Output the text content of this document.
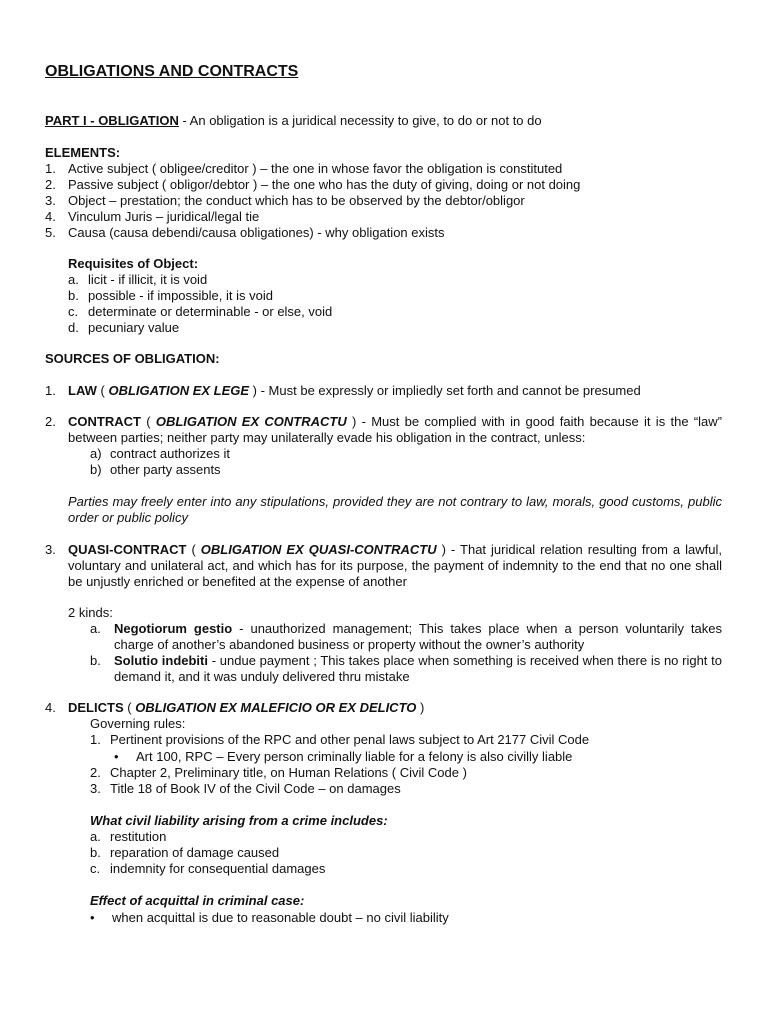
OBLIGATIONS AND CONTRACTS
PART I - OBLIGATION - An obligation is a juridical necessity to give, to do or not to do
ELEMENTS:
1. Active subject ( obligee/creditor ) – the one in whose favor the obligation is constituted
2. Passive subject ( obligor/debtor ) – the one who has the duty of giving, doing or not doing
3. Object – prestation; the conduct which has to be observed by the debtor/obligor
4. Vinculum Juris – juridical/legal tie
5. Causa (causa debendi/causa obligationes) - why obligation exists
Requisites of Object:
a. licit - if illicit, it is void
b. possible - if impossible, it is void
c. determinate or determinable - or else, void
d. pecuniary value
SOURCES OF OBLIGATION:
1. LAW ( OBLIGATION EX LEGE ) - Must be expressly or impliedly set forth and cannot be presumed
2. CONTRACT ( OBLIGATION EX CONTRACTU ) - Must be complied with in good faith because it is the “law” between parties; neither party may unilaterally evade his obligation in the contract, unless:
a) contract authorizes it
b) other party assents
Parties may freely enter into any stipulations, provided they are not contrary to law, morals, good customs, public order or public policy
3. QUASI-CONTRACT ( OBLIGATION EX QUASI-CONTRACTU ) - That juridical relation resulting from a lawful, voluntary and unilateral act, and which has for its purpose, the payment of indemnity to the end that no one shall be unjustly enriched or benefited at the expense of another
2 kinds:
a.	Negotiorum gestio - unauthorized management; This takes place when a person voluntarily takes charge of another’s abandoned business or property without the owner’s authority
b.	Solutio indebiti - undue payment ; This takes place when something is received when there is no right to demand it, and it was unduly delivered thru mistake
4. DELICTS ( OBLIGATION EX MALEFICIO OR EX DELICTO )
Governing rules:
1. Pertinent provisions of the RPC and other penal laws subject to Art 2177 Civil Code
• Art 100, RPC – Every person criminally liable for a felony is also civilly liable
2. Chapter 2, Preliminary title, on Human Relations ( Civil Code )
3. Title 18 of Book IV of the Civil Code – on damages
What civil liability arising from a crime includes:
a. restitution
b. reparation of damage caused
c. indemnity for consequential damages
Effect of acquittal in criminal case:
• when acquittal is due to reasonable doubt – no civil liability
